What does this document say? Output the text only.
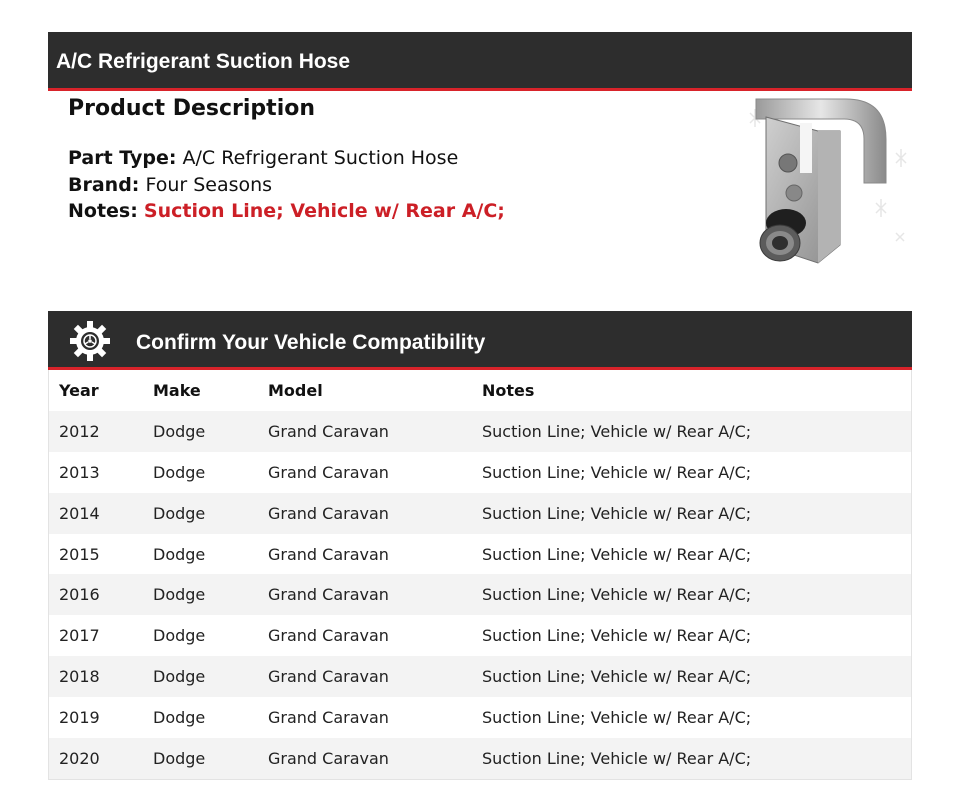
A/C Refrigerant Suction Hose
Product Description
Part Type: A/C Refrigerant Suction Hose
Brand: Four Seasons
Notes: Suction Line; Vehicle w/ Rear A/C;
Confirm Your Vehicle Compatibility
Year	Make	Model	Notes
2012	Dodge	Grand Caravan	Suction Line; Vehicle w/ Rear A/C;
2013	Dodge	Grand Caravan	Suction Line; Vehicle w/ Rear A/C;
2014	Dodge	Grand Caravan	Suction Line; Vehicle w/ Rear A/C;
2015	Dodge	Grand Caravan	Suction Line; Vehicle w/ Rear A/C;
2016	Dodge	Grand Caravan	Suction Line; Vehicle w/ Rear A/C;
2017	Dodge	Grand Caravan	Suction Line; Vehicle w/ Rear A/C;
2018	Dodge	Grand Caravan	Suction Line; Vehicle w/ Rear A/C;
2019	Dodge	Grand Caravan	Suction Line; Vehicle w/ Rear A/C;
2020	Dodge	Grand Caravan	Suction Line; Vehicle w/ Rear A/C;
